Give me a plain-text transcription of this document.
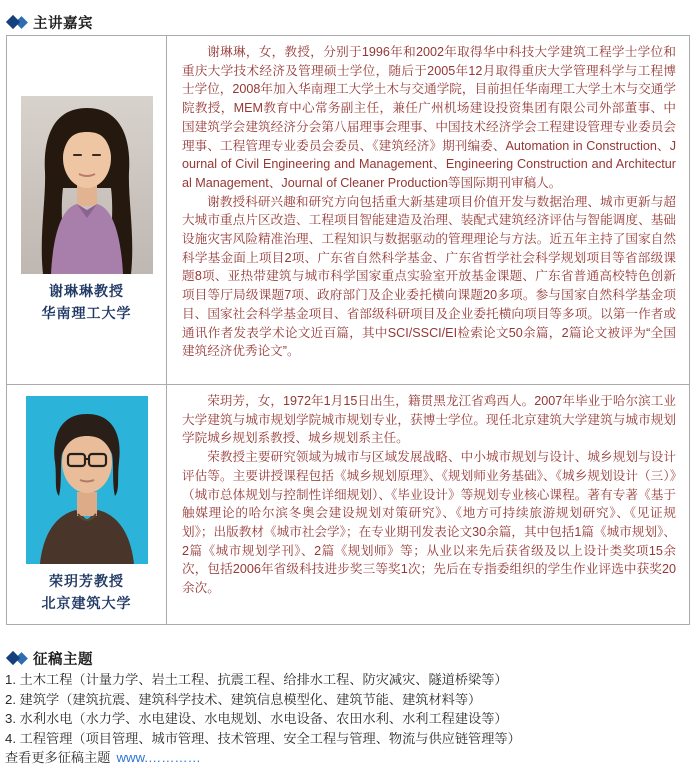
主讲嘉宾
谢琳琳教授
华南理工大学

谢琳琳，女，教授，分别于1996年和2002年取得华中科技大学建筑工程学士学位和重庆大学技术经济及管理硕士学位，随后于2005年12月取得重庆大学管理科学与工程博士学位，2008年加入华南理工大学土木与交通学院，目前担任华南理工大学土木与交通学院教授，MEM教育中心常务副主任，兼任广州机场建设投资集团有限公司外部董事、中国建筑学会建筑经济分会第八届理事会理事、中国技术经济学会工程建设管理专业委员会理事、工程管理专业委员会委员、《建筑经济》期刊编委、Automation in Construction、Journal of Civil Engineering and Management、Engineering Construction and Architectural Management、Journal of Cleaner Production等国际期刊审稿人。

谢教授科研兴趣和研究方向包括重大新基建项目价值开发与数据治理、城市更新与超大城市重点片区改造、工程项目智能建造及治理、装配式建筑经济评估与智能调度、基础设施灾害风险精准治理、工程知识与数据驱动的管理理论与方法。近五年主持了国家自然科学基金面上项目2项、广东省自然科学基金、广东省哲学社会科学规划项目等省部级课题8项、亚热带建筑与城市科学国家重点实验室开放基金课题、广东省普通高校特色创新项目等厅局级课题7项、政府部门及企业委托横向课题20多项。参与国家自然科学基金项目、国家社会科学基金项目、省部级科研项目及企业委托横向项目等多项。以第一作者或通讯作者发表学术论文近百篇，其中SCI/SSCI/EI检索论文50余篇，2篇论文被评为“全国建筑经济优秀论文”。

荣玥芳教授
北京建筑大学

荣玥芳，女，1972年1月15日出生，籍贯黑龙江省鸡西人。2007年毕业于哈尔滨工业大学建筑与城市规划学院城市规划专业，获博士学位。现任北京建筑大学建筑与城市规划学院城乡规划系教授、城乡规划系主任。

荣教授主要研究领域为城市与区域发展战略、中小城市规划与设计、城乡规划与设计评估等。主要讲授课程包括《城乡规划原理》、《规划师业务基础》、《城乡规划设计（三）》（城市总体规划与控制性详细规划）、《毕业设计》等规划专业核心课程。著有专著《基于触媒理论的哈尔滨冬奥会建设规划对策研究》、《地方可持续旅游规划研究》、《见证规划》；出版教材《城市社会学》；在专业期刊发表论文30余篇，其中包括1篇《城市规划》、2篇《城市规划学刊》、2篇《规划师》等；从业以来先后获省级及以上设计类奖项15余次，包括2006年省级科技进步奖三等奖1次；先后在专指委组织的学生作业评选中获奖20余次。

征稿主题
1. 土木工程（计量力学、岩土工程、抗震工程、给排水工程、防灾减灾、隧道桥梁等）
2. 建筑学（建筑抗震、建筑科学技术、建筑信息模型化、建筑节能、建筑材料等）
3. 水利水电（水力学、水电建设、水电规划、水电设备、农田水利、水利工程建设等）
4. 工程管理（项目管理、城市管理、技术管理、安全工程与管理、物流与供应链管理等）
查看更多征稿主题 www.…………
